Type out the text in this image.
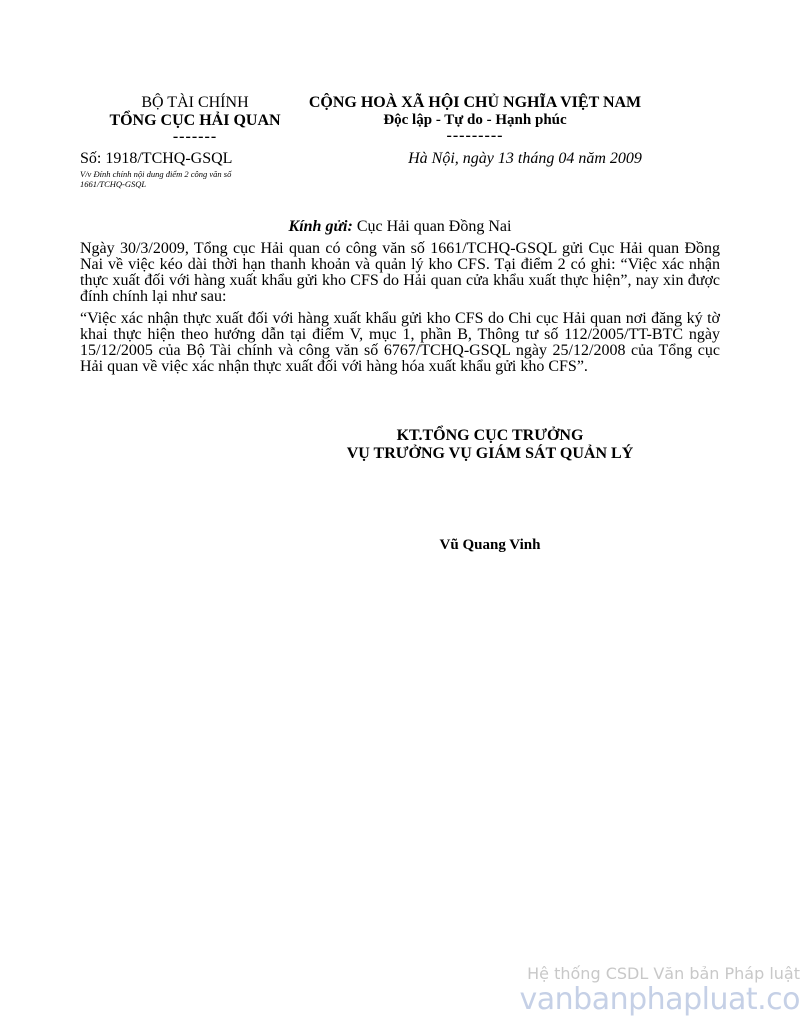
BỘ TÀI CHÍNH
TỔNG CỤC HẢI QUAN
-------
CỘNG HOÀ XÃ HỘI CHỦ NGHĨA VIỆT NAM
Độc lập - Tự do - Hạnh phúc
---------
Số: 1918/TCHQ-GSQL
V/v Đính chính nội dung điểm 2 công văn số
1661/TCHQ-GSQL
Hà Nội, ngày 13 tháng 04 năm 2009
Kính gửi: Cục Hải quan Đồng Nai

Ngày 30/3/2009, Tổng cục Hải quan có công văn số 1661/TCHQ-GSQL gửi Cục Hải quan Đồng Nai về việc kéo dài thời hạn thanh khoản và quản lý kho CFS. Tại điểm 2 có ghi: “Việc xác nhận thực xuất đối với hàng xuất khẩu gửi kho CFS do Hải quan cửa khẩu xuất thực hiện”, nay xin được đính chính lại như sau:

“Việc xác nhận thực xuất đối với hàng xuất khẩu gửi kho CFS do Chi cục Hải quan nơi đăng ký tờ khai thực hiện theo hướng dẫn tại điểm V, mục 1, phần B, Thông tư số 112/2005/TT-BTC ngày 15/12/2005 của Bộ Tài chính và công văn số 6767/TCHQ-GSQL ngày 25/12/2008 của Tổng cục Hải quan về việc xác nhận thực xuất đối với hàng hóa xuất khẩu gửi kho CFS”.

KT.TỔNG CỤC TRƯỞNG
VỤ TRƯỞNG VỤ GIÁM SÁT QUẢN LÝ
Vũ Quang Vinh
Hệ thống CSDL Văn bản Pháp luật
vanbanphapluat.co
